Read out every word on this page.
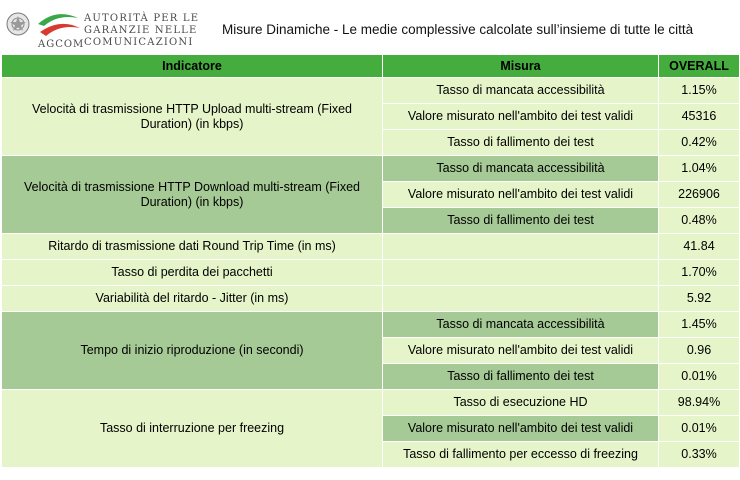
AUTORITÀ PER LE
GARANZIE NELLE
COMUNICAZIONI
AGCOM
Misure Dinamiche - Le medie complessive calcolate sull’insieme di tutte le città
Indicatore	Misura	OVERALL
Velocità di trasmissione HTTP Upload multi-stream (Fixed Duration) (in kbps)	Tasso di mancata accessibilità	1.15%
	Valore misurato nell'ambito dei test validi	45316
	Tasso di fallimento dei test	0.42%
Velocità di trasmissione HTTP Download multi-stream (Fixed Duration) (in kbps)	Tasso di mancata accessibilità	1.04%
	Valore misurato nell'ambito dei test validi	226906
	Tasso di fallimento dei test	0.48%
Ritardo di trasmissione dati Round Trip Time (in ms)		41.84
Tasso di perdita dei pacchetti		1.70%
Variabilità del ritardo - Jitter (in ms)		5.92
Tempo di inizio riproduzione (in secondi)	Tasso di mancata accessibilità	1.45%
	Valore misurato nell'ambito dei test validi	0.96
	Tasso di fallimento dei test	0.01%
Tasso di interruzione per freezing	Tasso di esecuzione HD	98.94%
	Valore misurato nell'ambito dei test validi	0.01%
	Tasso di fallimento per eccesso di freezing	0.33%
